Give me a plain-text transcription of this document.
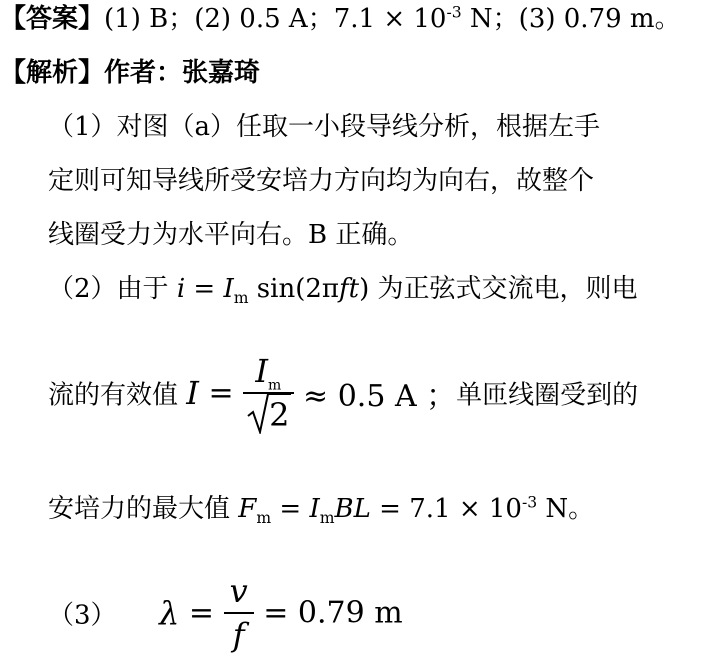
【答案】(1) B；(2) 0.5 A；$7.1 \times 10^{-3}$ N；(3) 0.79 m。
【解析】作者：张嘉琦
（1）对图（a）任取一小段导线分析，根据左手
定则可知导线所受安培力方向均为向右，故整个
线圈受力为水平向右。B 正确。
（2）由于 $i = I_m$ sin(2πft) 为正弦式交流电，则电
流的有效值 $I = \frac{I_m}{2} \approx 0.5$ A ；单匝线圈受到的
安培力的最大值 $F_m = I_mBL = 7.1 \times 10^{-3}$ N。
（3） $\lambda = \frac{v}{f} = 0.79$ m
